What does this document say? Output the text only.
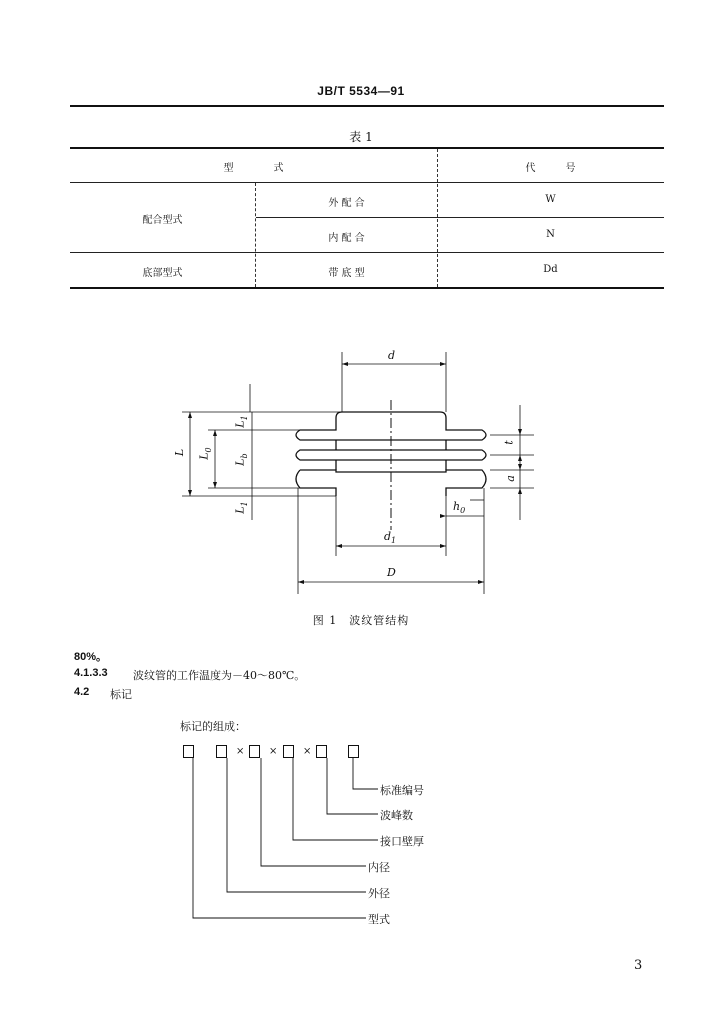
JB/T 5534—91
表 1
型　　　　式	代　　　号
配合型式
外 配 合	W
内 配 合	N
底部型式	带 底 型	Dd
d
$d_1$
D
L $L_0$
$L_1$
$L_b$
$L_1$	$h_0$
t
a
图 1　波纹管结构
80%。
4.1.3.3 波纹管的工作温度为－40～80℃。
4.2 标记
标记的组成：
× ×	×
标准编号
波峰数
接口壁厚
内径
外径
型式
3
